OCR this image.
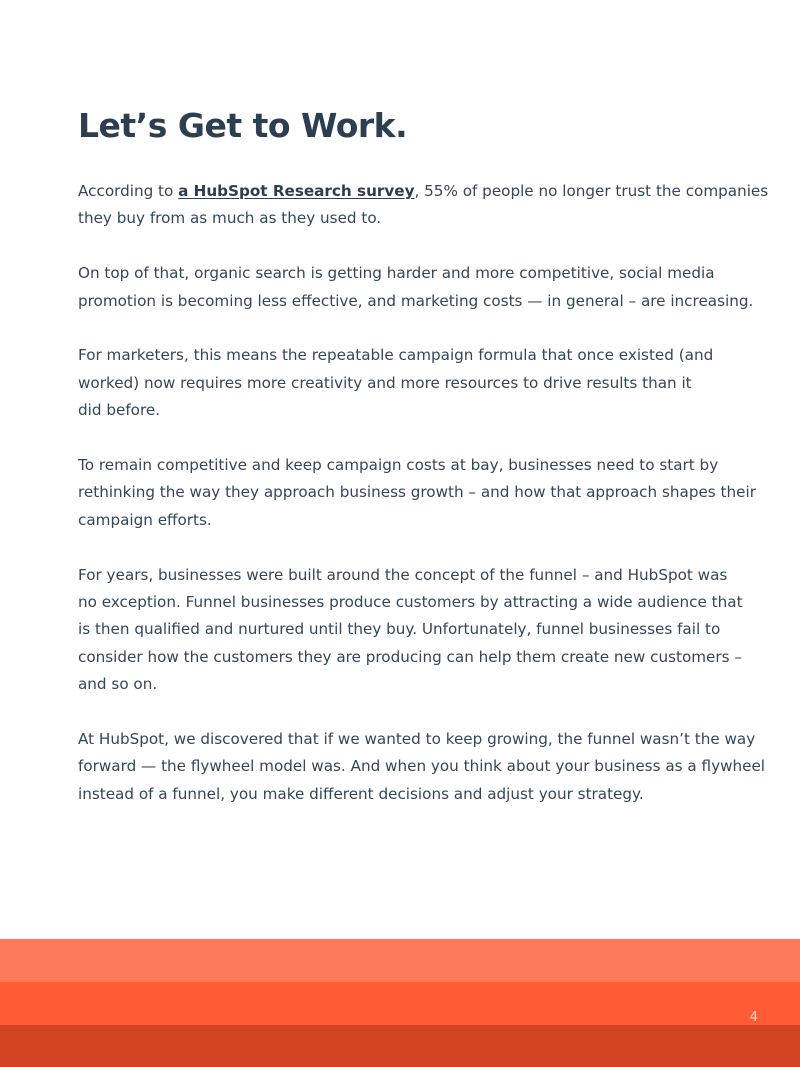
Let’s Get to Work.

According to a HubSpot Research survey, 55% of people no longer trust the companies
they buy from as much as they used to.

On top of that, organic search is getting harder and more competitive, social media
promotion is becoming less effective, and marketing costs — in general – are increasing.

For marketers, this means the repeatable campaign formula that once existed (and
worked) now requires more creativity and more resources to drive results than it
did before.

To remain competitive and keep campaign costs at bay, businesses need to start by
rethinking the way they approach business growth – and how that approach shapes their
campaign efforts.

For years, businesses were built around the concept of the funnel – and HubSpot was
no exception. Funnel businesses produce customers by attracting a wide audience that
is then qualified and nurtured until they buy. Unfortunately, funnel businesses fail to
consider how the customers they are producing can help them create new customers –
and so on.

At HubSpot, we discovered that if we wanted to keep growing, the funnel wasn’t the way
forward — the flywheel model was. And when you think about your business as a flywheel
instead of a funnel, you make different decisions and adjust your strategy.

4
